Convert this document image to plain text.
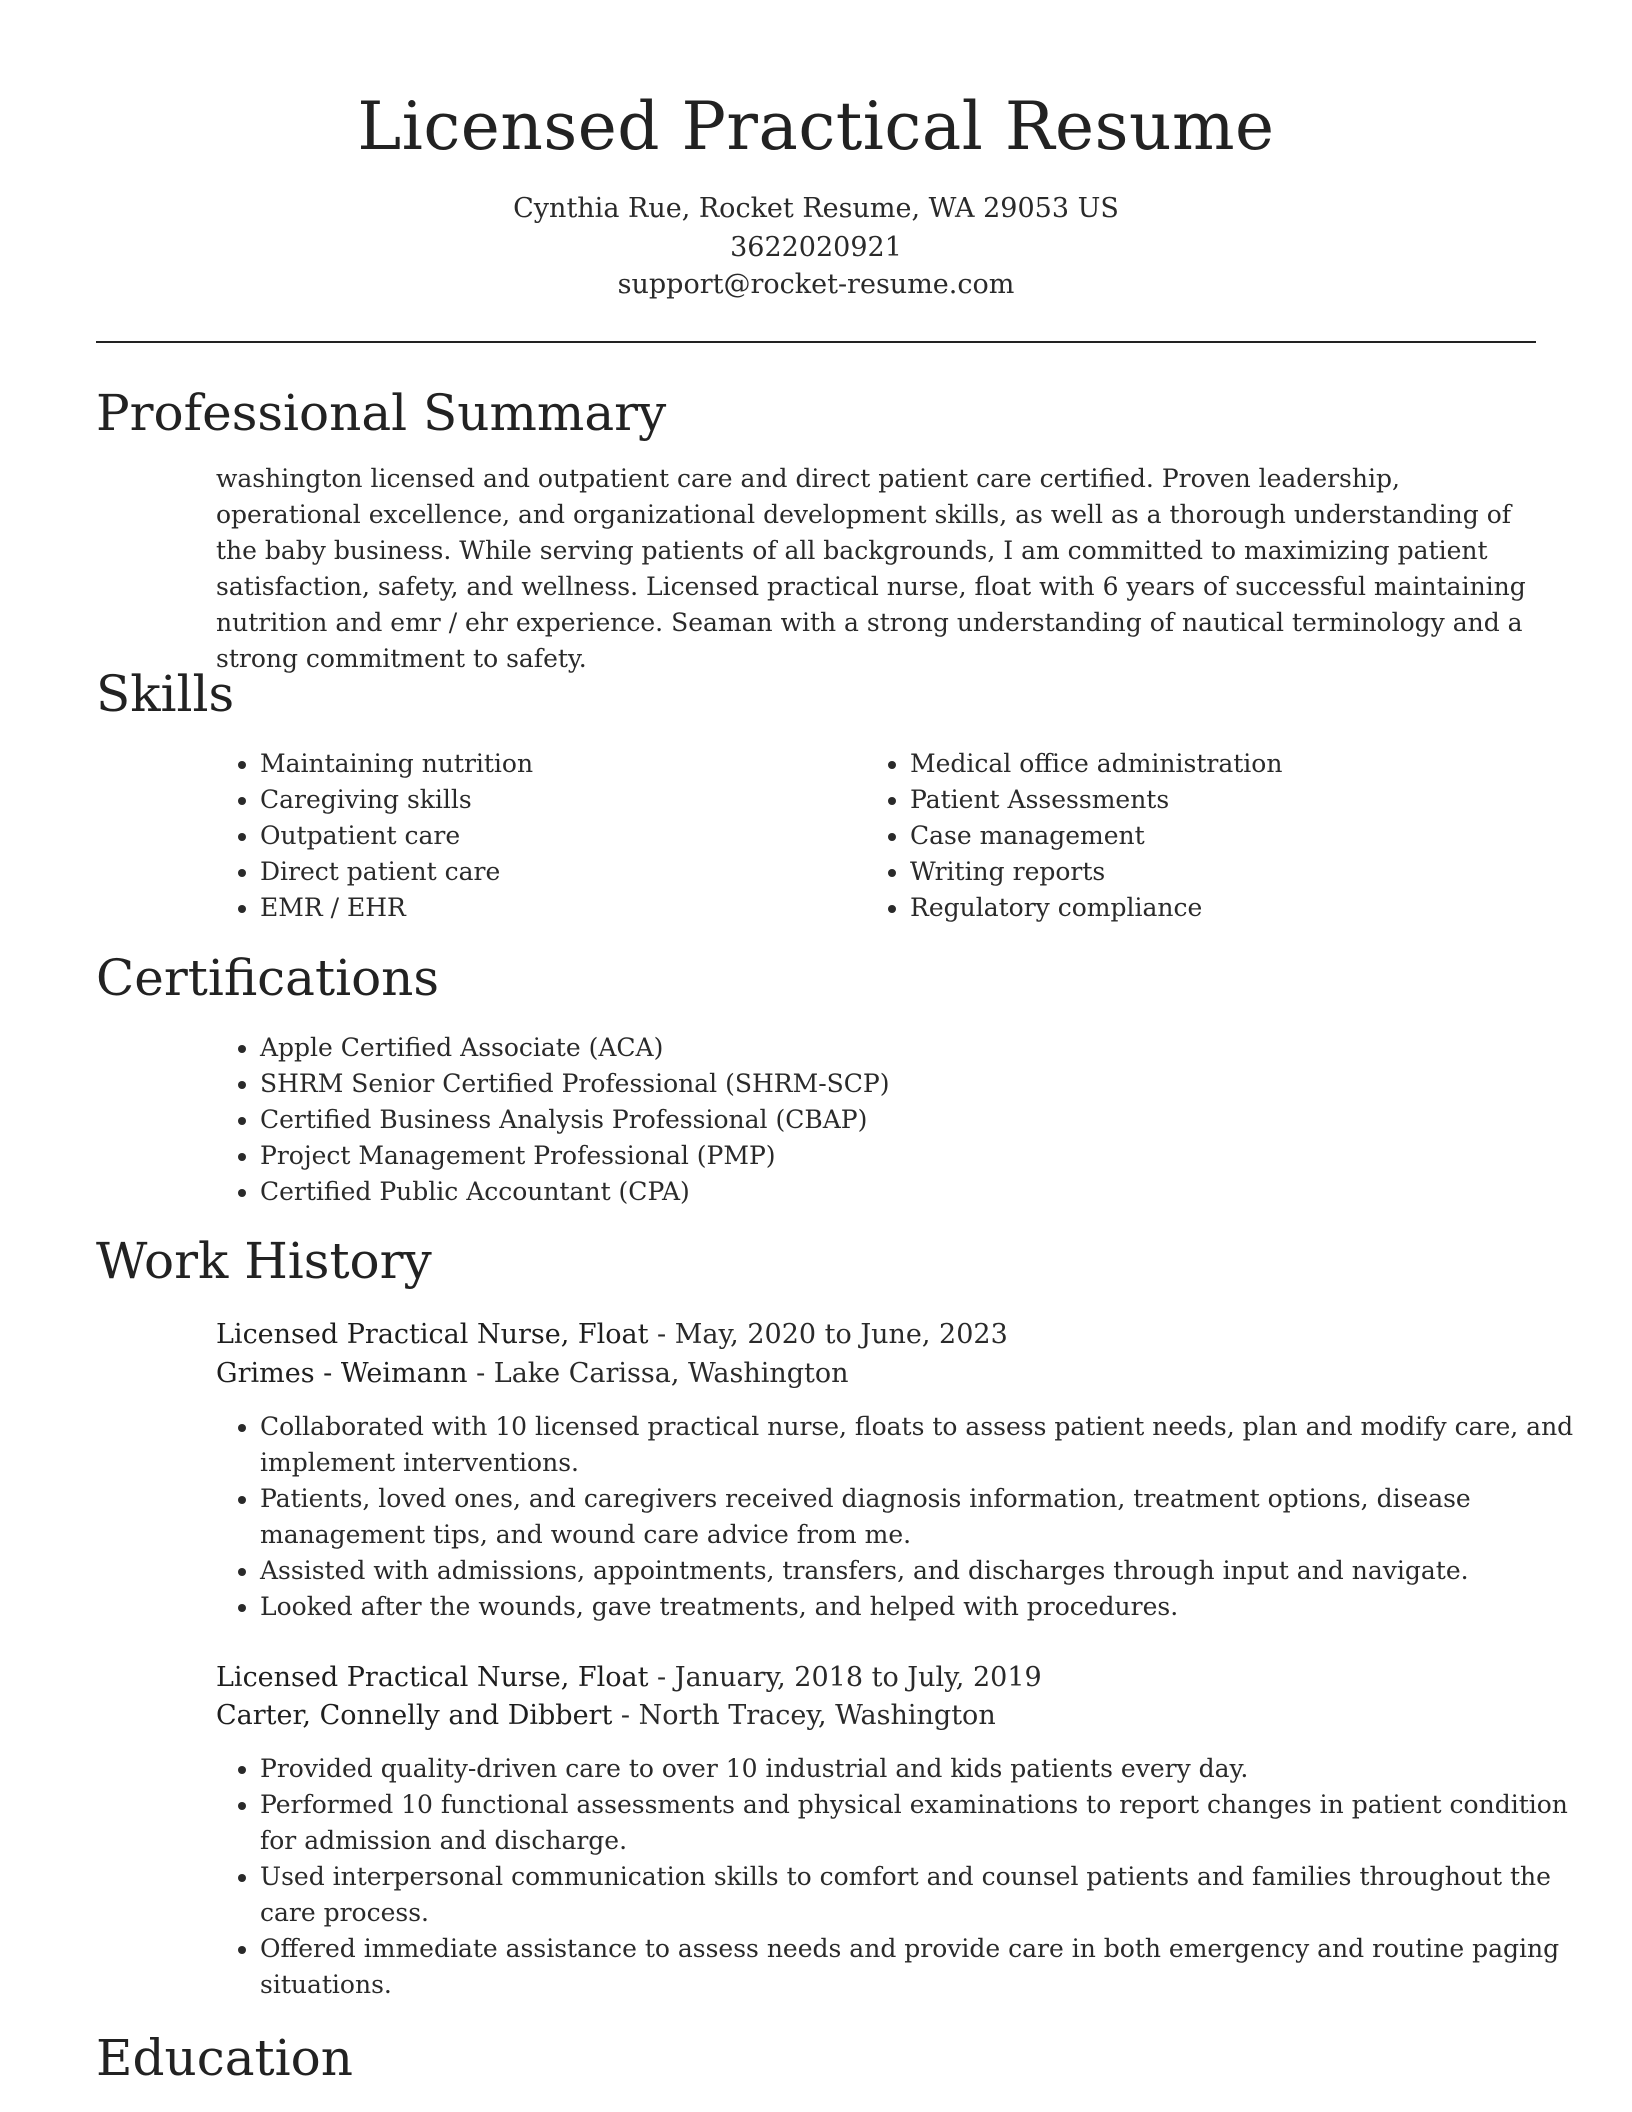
Licensed Practical Resume
Cynthia Rue, Rocket Resume, WA 29053 US
3622020921
support@rocket-resume.com
Professional Summary
washington licensed and outpatient care and direct patient care certified. Proven leadership, operational excellence, and organizational development skills, as well as a thorough understanding of the baby business. While serving patients of all backgrounds, I am committed to maximizing patient satisfaction, safety, and wellness. Licensed practical nurse, float with 6 years of successful maintaining nutrition and emr / ehr experience. Seaman with a strong understanding of nautical terminology and a strong commitment to safety.
Skills
• Maintaining nutrition
• Caregiving skills
• Outpatient care
• Direct patient care
• EMR / EHR
• Medical office administration
• Patient Assessments
• Case management
• Writing reports
• Regulatory compliance
Certifications
• Apple Certified Associate (ACA)
• SHRM Senior Certified Professional (SHRM-SCP)
• Certified Business Analysis Professional (CBAP)
• Project Management Professional (PMP)
• Certified Public Accountant (CPA)
Work History
Licensed Practical Nurse, Float - May, 2020 to June, 2023
Grimes - Weimann - Lake Carissa, Washington
• Collaborated with 10 licensed practical nurse, floats to assess patient needs, plan and modify care, and implement interventions.
• Patients, loved ones, and caregivers received diagnosis information, treatment options, disease management tips, and wound care advice from me.
• Assisted with admissions, appointments, transfers, and discharges through input and navigate.
• Looked after the wounds, gave treatments, and helped with procedures.
Licensed Practical Nurse, Float - January, 2018 to July, 2019
Carter, Connelly and Dibbert - North Tracey, Washington
• Provided quality-driven care to over 10 industrial and kids patients every day.
• Performed 10 functional assessments and physical examinations to report changes in patient condition for admission and discharge.
• Used interpersonal communication skills to comfort and counsel patients and families throughout the care process.
• Offered immediate assistance to assess needs and provide care in both emergency and routine paging situations.
Education
